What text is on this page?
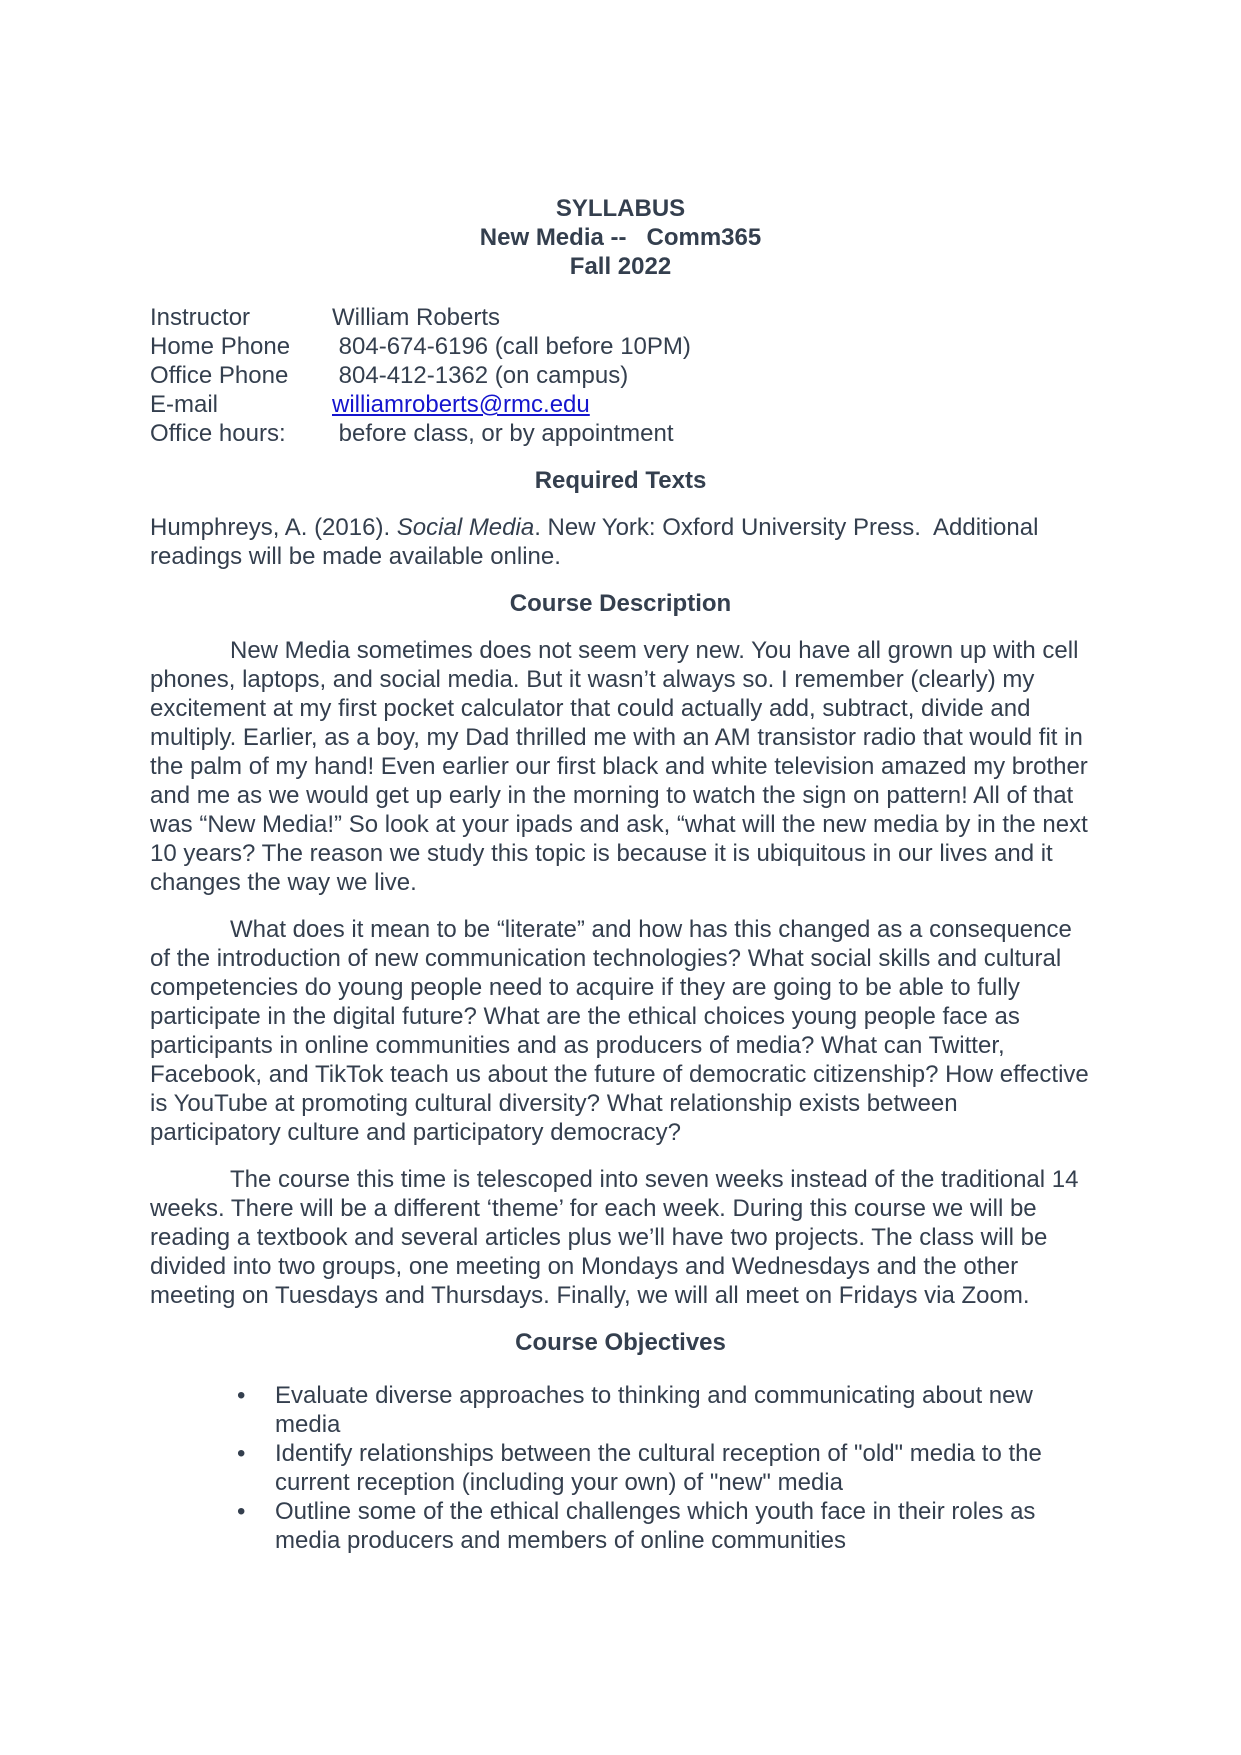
SYLLABUS
New Media --   Comm365
Fall 2022
Instructor	William Roberts
Home Phone	804-674-6196 (call before 10PM)
Office Phone	804-412-1362 (on campus)
E-mail	williamroberts@rmc.edu
Office hours:	before class, or by appointment
Required Texts

Humphreys, A. (2016). Social Media. New York: Oxford University Press.  Additional readings will be made available online.

Course Description

New Media sometimes does not seem very new. You have all grown up with cell phones, laptops, and social media. But it wasn’t always so. I remember (clearly) my excitement at my first pocket calculator that could actually add, subtract, divide and multiply. Earlier, as a boy, my Dad thrilled me with an AM transistor radio that would fit in the palm of my hand! Even earlier our first black and white television amazed my brother and me as we would get up early in the morning to watch the sign on pattern! All of that was “New Media!” So look at your ipads and ask, “what will the new media by in the next 10 years? The reason we study this topic is because it is ubiquitous in our lives and it changes the way we live.

What does it mean to be “literate” and how has this changed as a consequence of the introduction of new communication technologies? What social skills and cultural competencies do young people need to acquire if they are going to be able to fully participate in the digital future? What are the ethical choices young people face as participants in online communities and as producers of media? What can Twitter, Facebook, and TikTok teach us about the future of democratic citizenship? How effective is YouTube at promoting cultural diversity? What relationship exists between participatory culture and participatory democracy?

The course this time is telescoped into seven weeks instead of the traditional 14 weeks. There will be a different ‘theme’ for each week. During this course we will be reading a textbook and several articles plus we’ll have two projects. The class will be divided into two groups, one meeting on Mondays and Wednesdays and the other meeting on Tuesdays and Thursdays. Finally, we will all meet on Fridays via Zoom.

Course Objectives
• Evaluate diverse approaches to thinking and communicating about new media
• Identify relationships between the cultural reception of "old" media to the current reception (including your own) of "new" media
• Outline some of the ethical challenges which youth face in their roles as media producers and members of online communities
